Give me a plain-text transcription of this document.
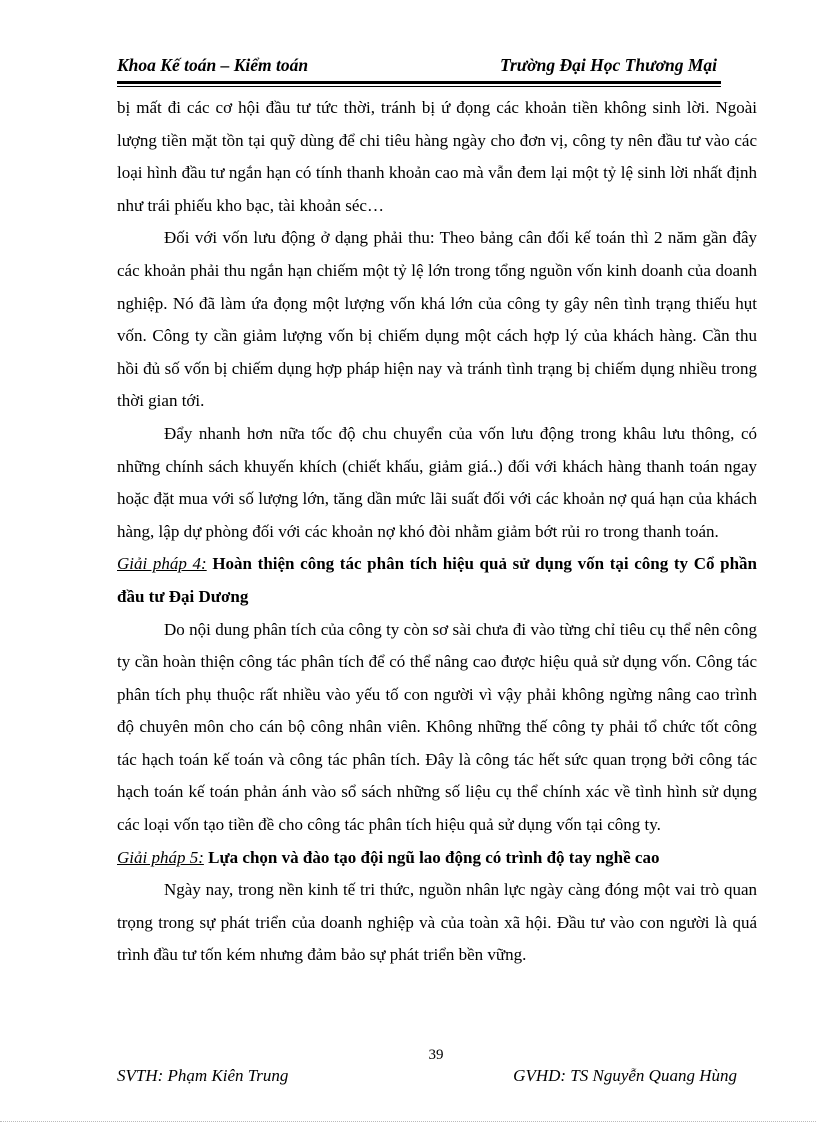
Khoa Kế toán – Kiểm toán	Trường Đại Học Thương Mại

bị mất đi các cơ hội đầu tư tức thời, tránh bị ứ đọng các khoản tiền không sinh lời. Ngoài lượng tiền mặt tồn tại quỹ dùng để chi tiêu hàng ngày cho đơn vị, công ty nên đầu tư vào các loại hình đầu tư ngắn hạn có tính thanh khoản cao mà vẫn đem lại một tỷ lệ sinh lời nhất định như trái phiếu kho bạc, tài khoản séc…

Đối với vốn lưu động ở dạng phải thu: Theo bảng cân đối kế toán thì 2 năm gần đây các khoản phải thu ngắn hạn chiếm một tỷ lệ lớn trong tổng nguồn vốn kinh doanh của doanh nghiệp. Nó đã làm ứa đọng một lượng vốn khá lớn của công ty gây nên tình trạng thiếu hụt vốn. Công ty cần giảm lượng vốn bị chiếm dụng một cách hợp lý của khách hàng. Cần thu hồi đủ số vốn bị chiếm dụng hợp pháp hiện nay và tránh tình trạng bị chiếm dụng nhiều trong thời gian tới.

Đẩy nhanh hơn nữa tốc độ chu chuyển của vốn lưu động trong khâu lưu thông, có những chính sách khuyến khích (chiết khấu, giảm giá..) đối với khách hàng thanh toán ngay hoặc đặt mua với số lượng lớn, tăng dần mức lãi suất đối với các khoản nợ quá hạn của khách hàng, lập dự phòng đối với các khoản nợ khó đòi nhằm giảm bớt rủi ro trong thanh toán.

Giải pháp 4: Hoàn thiện công tác phân tích hiệu quả sử dụng vốn tại công ty Cổ phần đầu tư Đại Dương

Do nội dung phân tích của công ty còn sơ sài chưa đi vào từng chỉ tiêu cụ thể nên công ty cần hoàn thiện công tác phân tích để có thể nâng cao được hiệu quả sử dụng vốn. Công tác phân tích phụ thuộc rất nhiều vào yếu tố con người vì vậy phải không ngừng nâng cao trình độ chuyên môn cho cán bộ công nhân viên. Không những thế công ty phải tổ chức tốt công tác hạch toán kế toán và công tác phân tích. Đây là công tác hết sức quan trọng bởi công tác hạch toán kế toán phản ánh vào sổ sách những số liệu cụ thể chính xác về tình hình sử dụng các loại vốn tạo tiền đề cho công tác phân tích hiệu quả sử dụng vốn tại công ty.

Giải pháp 5: Lựa chọn và đào tạo đội ngũ lao động có trình độ tay nghề cao

Ngày nay, trong nền kinh tế tri thức, nguồn nhân lực ngày càng đóng một vai trò quan trọng trong sự phát triển của doanh nghiệp và của toàn xã hội. Đầu tư vào con người là quá trình đầu tư tốn kém nhưng đảm bảo sự phát triển bền vững.

39
SVTH: Phạm Kiên Trung	GVHD: TS Nguyễn Quang Hùng
